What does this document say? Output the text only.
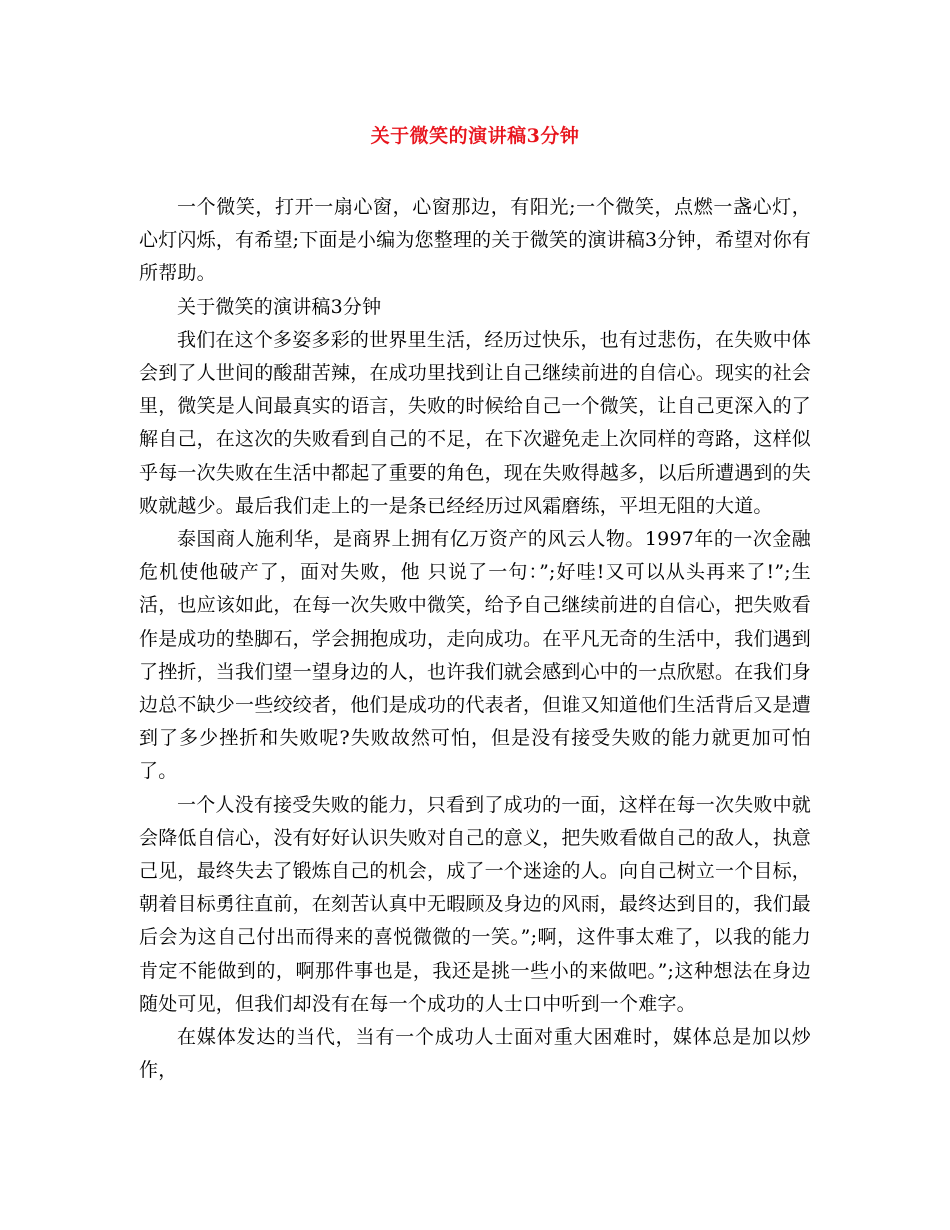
关于微笑的演讲稿3分钟

一个微笑，打开一扇心窗，心窗那边，有阳光;一个微笑，点燃一盏心灯，心灯闪烁，有希望;下面是小编为您整理的关于微笑的演讲稿3分钟，希望对你有所帮助。

关于微笑的演讲稿3分钟

我们在这个多姿多彩的世界里生活，经历过快乐，也有过悲伤，在失败中体会到了人世间的酸甜苦辣，在成功里找到让自己继续前进的自信心。现实的社会里，微笑是人间最真实的语言，失败的时候给自己一个微笑，让自己更深入的了解自己，在这次的失败看到自己的不足，在下次避免走上次同样的弯路，这样似乎每一次失败在生活中都起了重要的角色，现在失败得越多，以后所遭遇到的失败就越少。最后我们走上的一是条已经经历过风霜磨练，平坦无阻的大道。

泰国商人施利华，是商界上拥有亿万资产的风云人物。1997年的一次金融危机使他破产了，面对失败，他 只说了一句：”;好哇!又可以从头再来了!”;生活，也应该如此，在每一次失败中微笑，给予自己继续前进的自信心，把失败看作是成功的垫脚石，学会拥抱成功，走向成功。在平凡无奇的生活中，我们遇到了挫折，当我们望一望身边的人，也许我们就会感到心中的一点欣慰。在我们身边总不缺少一些绞绞者，他们是成功的代表者，但谁又知道他们生活背后又是遭到了多少挫折和失败呢?失败故然可怕，但是没有接受失败的能力就更加可怕了。

一个人没有接受失败的能力，只看到了成功的一面，这样在每一次失败中就会降低自信心，没有好好认识失败对自己的意义，把失败看做自己的敌人，执意己见，最终失去了锻炼自己的机会，成了一个迷途的人。向自己树立一个目标，朝着目标勇往直前，在刻苦认真中无暇顾及身边的风雨，最终达到目的，我们最后会为这自己付出而得来的喜悦微微的一笑。”;啊，这件事太难了，以我的能力肯定不能做到的，啊那件事也是，我还是挑一些小的来做吧。”;这种想法在身边随处可见，但我们却没有在每一个成功的人士口中听到一个难字。

在媒体发达的当代，当有一个成功人士面对重大困难时，媒体总是加以炒作，
